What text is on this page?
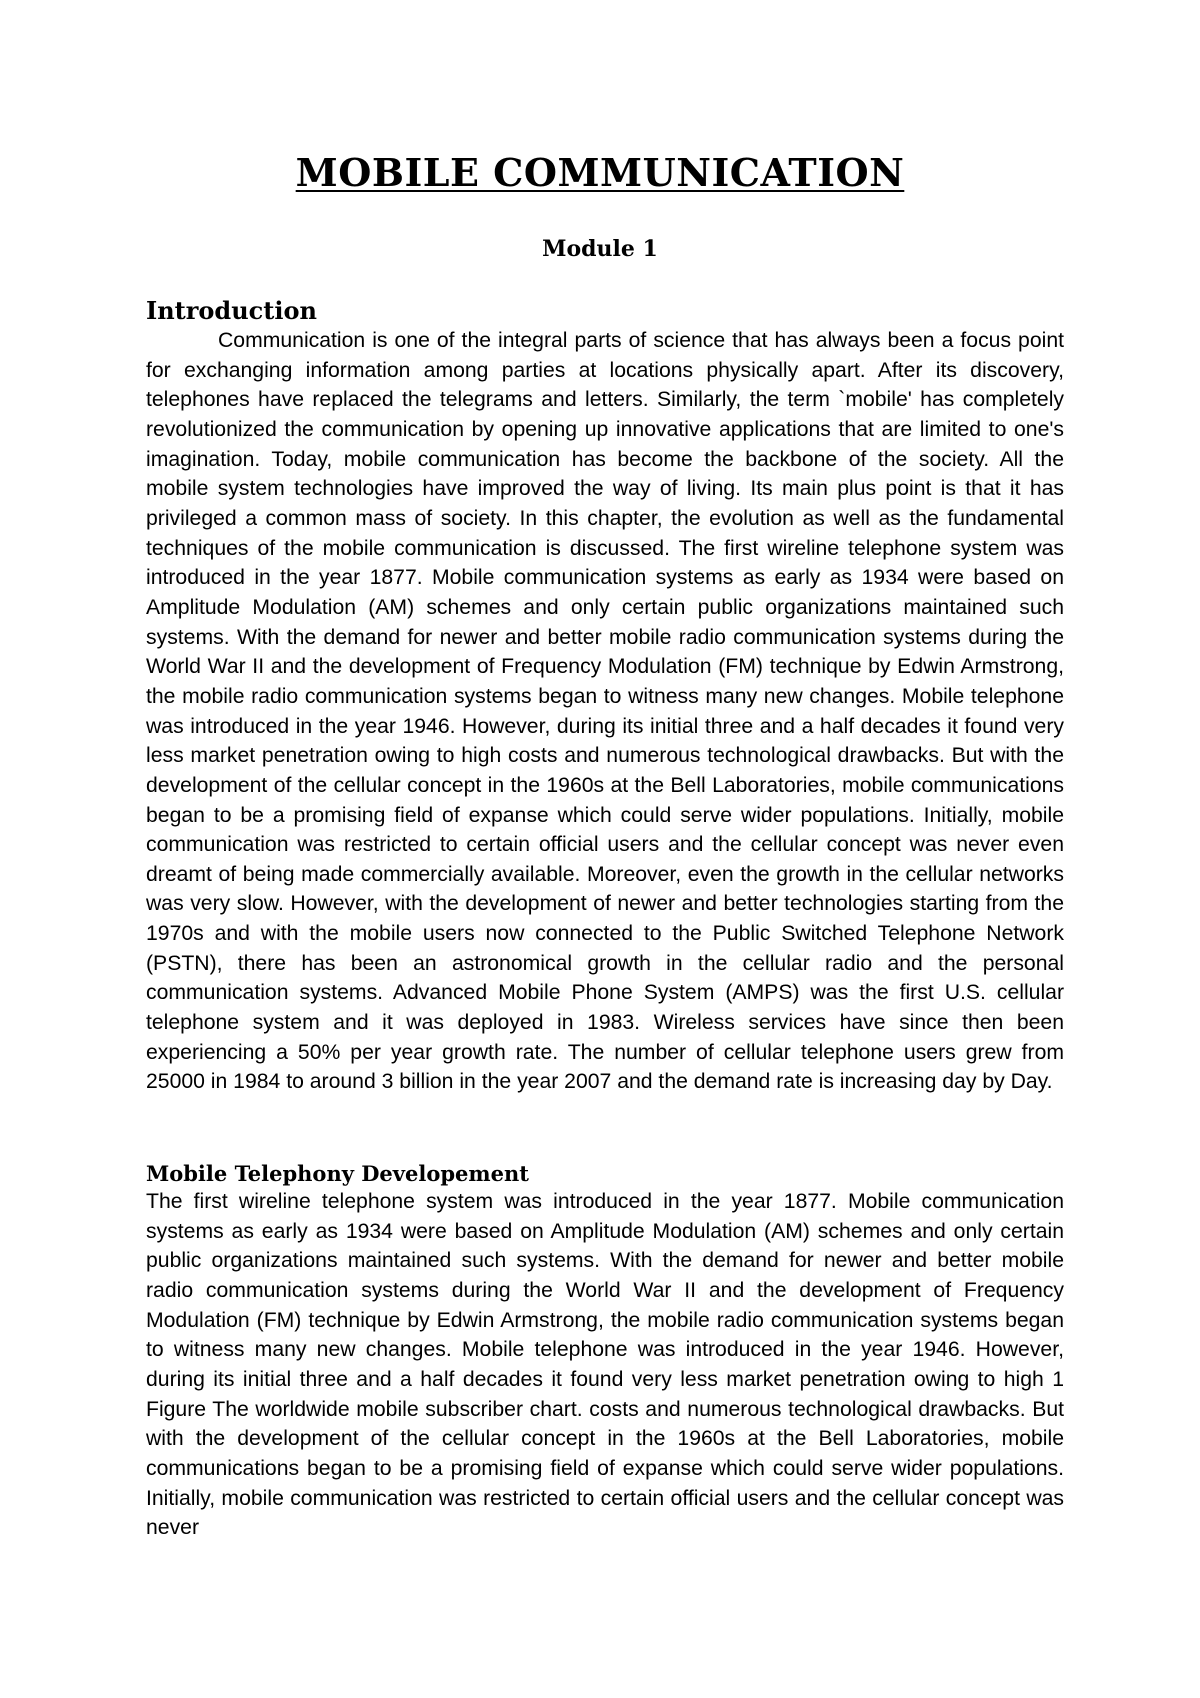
MOBILE COMMUNICATION
Module 1
Introduction

Communication is one of the integral parts of science that has always been a focus point for exchanging information among parties at locations physically apart. After its discovery, telephones have replaced the telegrams and letters. Similarly, the term `mobile' has completely revolutionized the communication by opening up innovative applications that are limited to one's imagination. Today, mobile communication has become the backbone of the society. All the mobile system technologies have improved the way of living. Its main plus point is that it has privileged a common mass of society. In this chapter, the evolution as well as the fundamental techniques of the mobile communication is discussed. The first wireline telephone system was introduced in the year 1877. Mobile communication systems as early as 1934 were based on Amplitude Modulation (AM) schemes and only certain public organizations maintained such systems. With the demand for newer and better mobile radio communication systems during the World War II and the development of Frequency Modulation (FM) technique by Edwin Armstrong, the mobile radio communication systems began to witness many new changes. Mobile telephone was introduced in the year 1946. However, during its initial three and a half decades it found very less market penetration owing to high costs and numerous technological drawbacks. But with the development of the cellular concept in the 1960s at the Bell Laboratories, mobile communications began to be a promising field of expanse which could serve wider populations. Initially, mobile communication was restricted to certain official users and the cellular concept was never even dreamt of being made commercially available. Moreover, even the growth in the cellular networks was very slow. However, with the development of newer and better technologies starting from the 1970s and with the mobile users now connected to the Public Switched Telephone Network (PSTN), there has been an astronomical growth in the cellular radio and the personal communication systems. Advanced Mobile Phone System (AMPS) was the first U.S. cellular telephone system and it was deployed in 1983. Wireless services have since then been experiencing a 50% per year growth rate. The number of cellular telephone users grew from 25000 in 1984 to around 3 billion in the year 2007 and the demand rate is increasing day by Day.

Mobile Telephony Developement

The first wireline telephone system was introduced in the year 1877. Mobile communication systems as early as 1934 were based on Amplitude Modulation (AM) schemes and only certain public organizations maintained such systems. With the demand for newer and better mobile radio communication systems during the World War II and the development of Frequency Modulation (FM) technique by Edwin Armstrong, the mobile radio communication systems began to witness many new changes. Mobile telephone was introduced in the year 1946. However, during its initial three and a half decades it found very less market penetration owing to high 1 Figure The worldwide mobile subscriber chart. costs and numerous technological drawbacks. But with the development of the cellular concept in the 1960s at the Bell Laboratories, mobile communications began to be a promising field of expanse which could serve wider populations. Initially, mobile communication was restricted to certain official users and the cellular concept was never
